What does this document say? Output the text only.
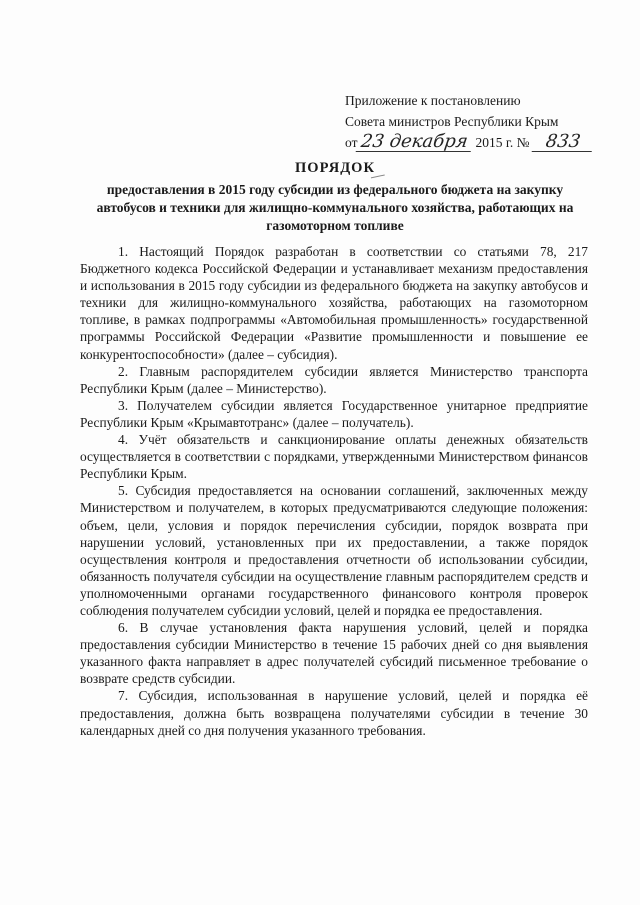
Приложение к постановлению
Совета министров Республики Крым
от 23 декабря 2015 г. № 833
ПОРЯДОК
предоставления в 2015 году субсидии из федерального бюджета на закупку автобусов и техники для жилищно-коммунального хозяйства, работающих на газомоторном топливе

1. Настоящий Порядок разработан в соответствии со статьями 78, 217 Бюджетного кодекса Российской Федерации и устанавливает механизм предоставления и использования в 2015 году субсидии из федерального бюджета на закупку автобусов и техники для жилищно-коммунального хозяйства, работающих на газомоторном топливе, в рамках подпрограммы «Автомобильная промышленность» государственной программы Российской Федерации «Развитие промышленности и повышение ее конкурентоспособности» (далее – субсидия).

2. Главным распорядителем субсидии является Министерство транспорта Республики Крым (далее – Министерство).

3. Получателем субсидии является Государственное унитарное предприятие Республики Крым «Крымавтотранс» (далее – получатель).

4. Учёт обязательств и санкционирование оплаты денежных обязательств осуществляется в соответствии с порядками, утвержденными Министерством финансов Республики Крым.

5. Субсидия предоставляется на основании соглашений, заключенных между Министерством и получателем, в которых предусматриваются следующие положения: объем, цели, условия и порядок перечисления субсидии, порядок возврата при нарушении условий, установленных при их предоставлении, а также порядок осуществления контроля и предоставления отчетности об использовании субсидии, обязанность получателя субсидии на осуществление главным распорядителем средств и уполномоченными органами государственного финансового контроля проверок соблюдения получателем субсидии условий, целей и порядка ее предоставления.

6. В случае установления факта нарушения условий, целей и порядка предоставления субсидии Министерство в течение 15 рабочих дней со дня выявления указанного факта направляет в адрес получателей субсидий письменное требование о возврате средств субсидии.

7. Субсидия, использованная в нарушение условий, целей и порядка её предоставления, должна быть возвращена получателями субсидии в течение 30 календарных дней со дня получения указанного требования.
